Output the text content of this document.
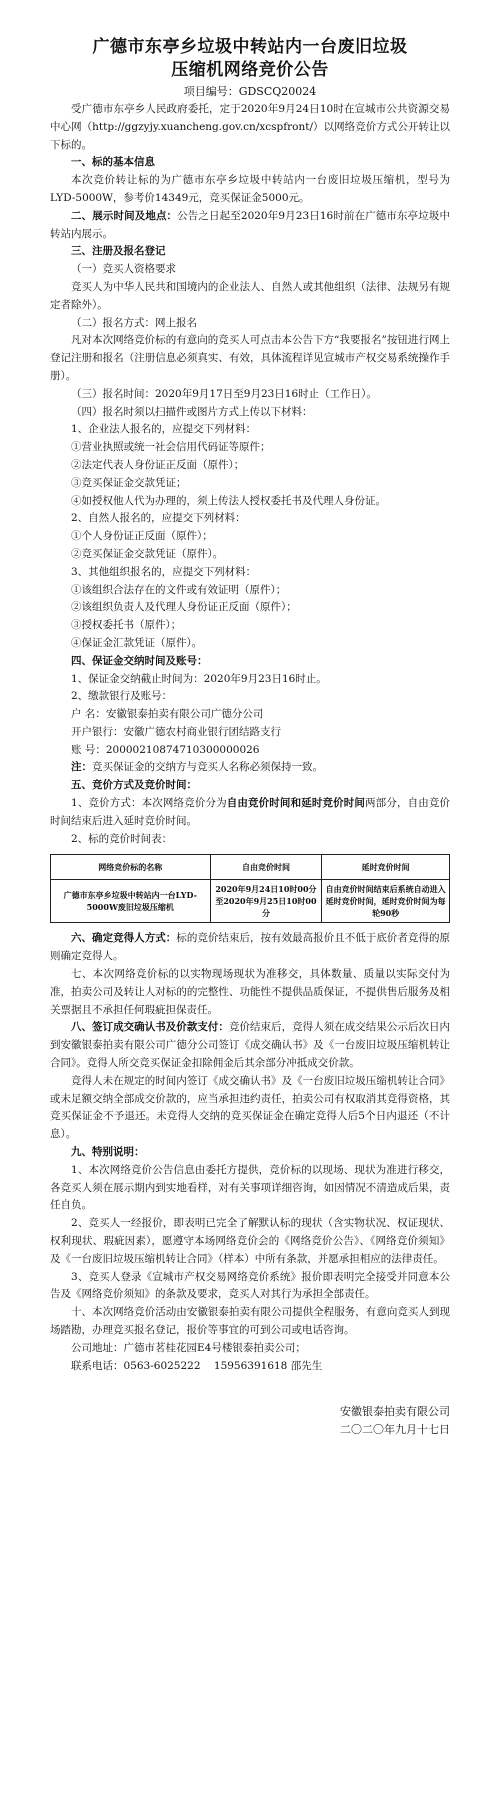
广德市东亭乡垃圾中转站内一台废旧垃圾
压缩机网络竞价公告
项目编号：GDSCQ20024

受广德市东亭乡人民政府委托，定于2020年9月24日10时在宣城市公共资源交易中心网（http://ggzyjy.xuancheng.gov.cn/xcspfront/）以网络竞价方式公开转让以下标的。

一、标的基本信息

本次竞价转让标的为广德市东亭乡垃圾中转站内一台废旧垃圾压缩机，型号为LYD-5000W，参考价14349元，竞买保证金5000元。

二、展示时间及地点：公告之日起至2020年9月23日16时前在广德市东亭垃圾中转站内展示。

三、注册及报名登记

（一）竞买人资格要求

竞买人为中华人民共和国境内的企业法人、自然人或其他组织（法律、法规另有规定者除外）。

（二）报名方式：网上报名

凡对本次网络竞价标的有意向的竞买人可点击本公告下方“我要报名”按钮进行网上登记注册和报名（注册信息必须真实、有效，具体流程详见宣城市产权交易系统操作手册）。

（三）报名时间：2020年9月17日至9月23日16时止（工作日）。

（四）报名时须以扫描件或图片方式上传以下材料：

1、企业法人报名的，应提交下列材料：

①营业执照或统一社会信用代码证等原件；

②法定代表人身份证正反面（原件）；

③竞买保证金交款凭证；

④如授权他人代为办理的，须上传法人授权委托书及代理人身份证。

2、自然人报名的，应提交下列材料：

①个人身份证正反面（原件）；

②竞买保证金交款凭证（原件）。

3、其他组织报名的，应提交下列材料：

①该组织合法存在的文件或有效证明（原件）；

②该组织负责人及代理人身份证正反面（原件）；

③授权委托书（原件）；

④保证金汇款凭证（原件）。

四、保证金交纳时间及账号：

1、保证金交纳截止时间为：2020年9月23日16时止。

2、缴款银行及账号：

户 名：安徽银泰拍卖有限公司广德分公司

开户银行：安徽广德农村商业银行团结路支行

账 号：20000210874710300000026

注：竞买保证金的交纳方与竞买人名称必须保持一致。

五、竞价方式及竞价时间：

1、竞价方式：本次网络竞价分为自由竞价时间和延时竞价时间两部分，自由竞价时间结束后进入延时竞价时间。

2、标的竞价时间表：

网络竞价标的名称	自由竞价时间	延时竞价时间
广德市东亭乡垃圾中转站内一台LYD-5000W废旧垃圾压缩机	2020年9月24日10时00分至2020年9月25日10时00分	自由竞价时间结束后系统自动进入延时竞价时间，延时竞价时间为每轮90秒

六、确定竞得人方式：标的竞价结束后，按有效最高报价且不低于底价者竞得的原则确定竞得人。

七、本次网络竞价标的以实物现场现状为准移交，具体数量、质量以实际交付为准，拍卖公司及转让人对标的的完整性、功能性不提供品质保证，不提供售后服务及相关票据且不承担任何瑕疵担保责任。

八、签订成交确认书及价款支付：竞价结束后，竞得人须在成交结果公示后次日内到安徽银泰拍卖有限公司广德分公司签订《成交确认书》及《一台废旧垃圾压缩机转让合同》。竞得人所交竞买保证金扣除佣金后其余部分冲抵成交价款。

竞得人未在规定的时间内签订《成交确认书》及《一台废旧垃圾压缩机转让合同》或未足额交纳全部成交价款的，应当承担违约责任，拍卖公司有权取消其竞得资格，其竞买保证金不予退还。未竞得人交纳的竞买保证金在确定竞得人后5个日内退还（不计息）。

九、特别说明：

1、本次网络竞价公告信息由委托方提供，竞价标的以现场、现状为准进行移交，各竞买人须在展示期内到实地看样，对有关事项详细咨询，如因情况不清造成后果，责任自负。

2、竞买人一经报价，即表明已完全了解默认标的现状（含实物状况、权证现状、权利现状、瑕疵因素），愿遵守本场网络竞价会的《网络竞价公告》、《网络竞价须知》及《一台废旧垃圾压缩机转让合同》（样本）中所有条款，并愿承担相应的法律责任。

3、竞买人登录《宣城市产权交易网络竞价系统》报价即表明完全接受并同意本公告及《网络竞价须知》的条款及要求，竞买人对其行为承担全部责任。

十、本次网络竞价活动由安徽银泰拍卖有限公司提供全程服务，有意向竞买人到现场踏勘，办理竞买报名登记，报价等事宜的可到公司或电话咨询。

公司地址：广德市茗桂花园E4号楼银泰拍卖公司；

联系电话：0563-6025222    15956391618 邵先生

安徽银泰拍卖有限公司
二〇二〇年九月十七日
